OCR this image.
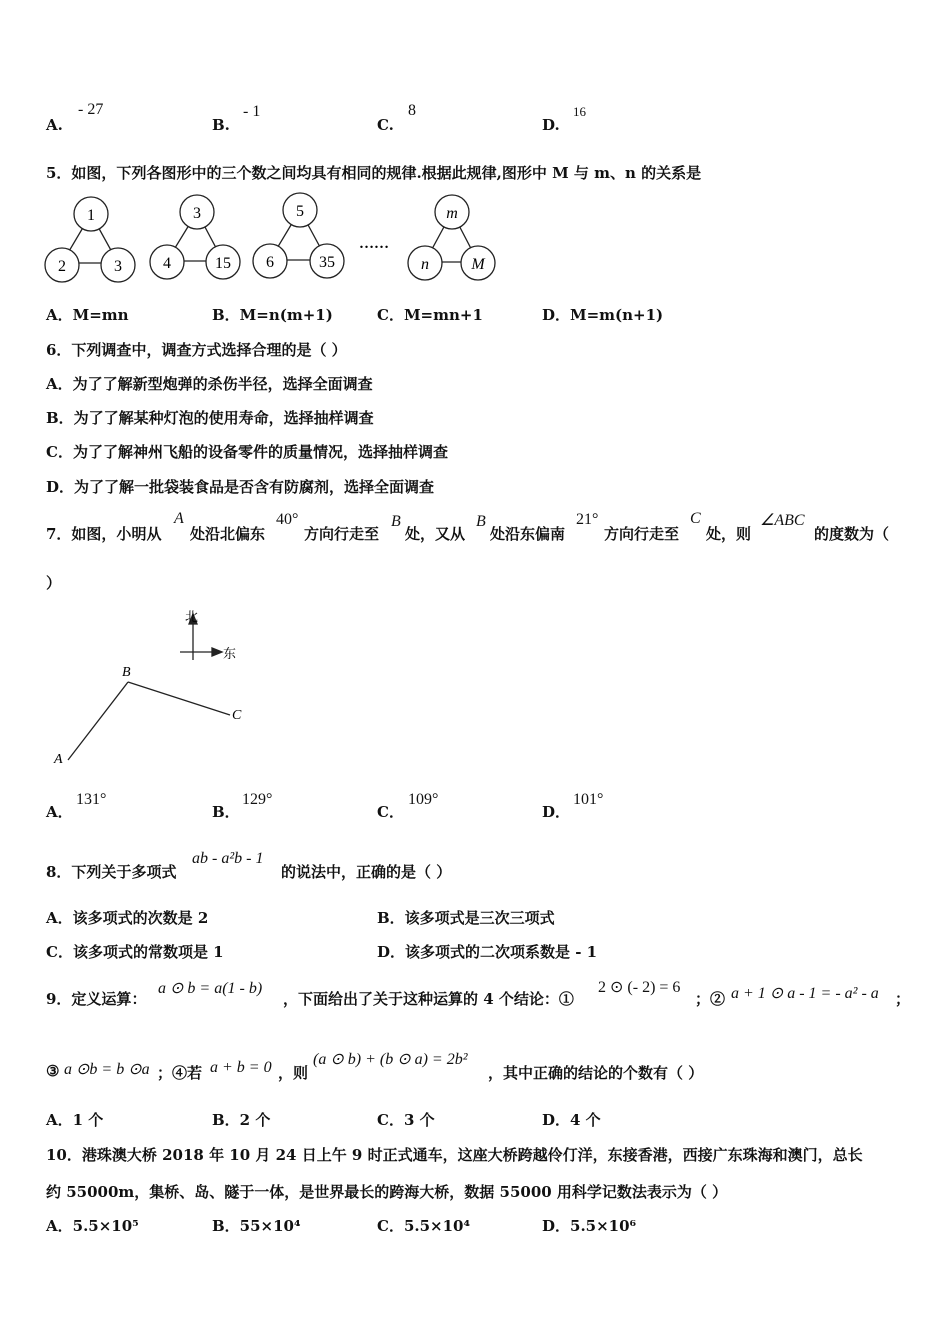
A.
- 27
B.
- 1
C.
8
D.
16
5．如图，下列各图形中的三个数之间均具有相同的规律.根据此规律,图形中 M 与 m、n 的关系是
1
2	3
3
4	15
5
6	35
……
m
n	M
A．M=mn	B．M=n(m+1)	C．M=mn+1	D．M=m(n+1)
6．下列调查中，调查方式选择合理的是（ ）
A．为了了解新型炮弹的杀伤半径，选择全面调查
B．为了了解某种灯泡的使用寿命，选择抽样调查
C．为了了解神州飞船的设备零件的质量情况，选择抽样调查
D．为了了解一批袋装食品是否含有防腐剂，选择全面调查
7．如图，小明从
A
处沿北偏东
40°
方向行走至
B
处，又从
B
处沿东偏南
21°
方向行走至
C
处，则
∠ABC
的度数为（
）
北
东
A
B
C
A．
131°
B．
129°
C．
109°
D．
101°
8．下列关于多项式
ab - a²b - 1
的说法中，正确的是（ ）
A．该多项式的次数是 2	B．该多项式是三次三项式
C．该多项式的常数项是 1	D．该多项式的二次项系数是 - 1
9．定义运算：
a ⊙ b = a(1 - b)
，下面给出了关于这种运算的 4 个结论：①
2 ⊙ (- 2) = 6
；② a + 1 ⊙ a - 1 = - a² - a ；
③ a ⊙b = b ⊙a ；④若 a + b = 0 ，则
(a ⊙ b) + (b ⊙ a) = 2b²
，其中正确的结论的个数有（ ）
A．1 个	B．2 个	C．3 个	D．4 个
10．港珠澳大桥 2018 年 10 月 24 日上午 9 时正式通车，这座大桥跨越伶仃洋，东接香港，西接广东珠海和澳门，总长
约 55000m，集桥、岛、隧于一体，是世界最长的跨海大桥，数据 55000 用科学记数法表示为（ ）
A．5.5×10⁵	B．55×10⁴	C．5.5×10⁴	D．5.5×10⁶
